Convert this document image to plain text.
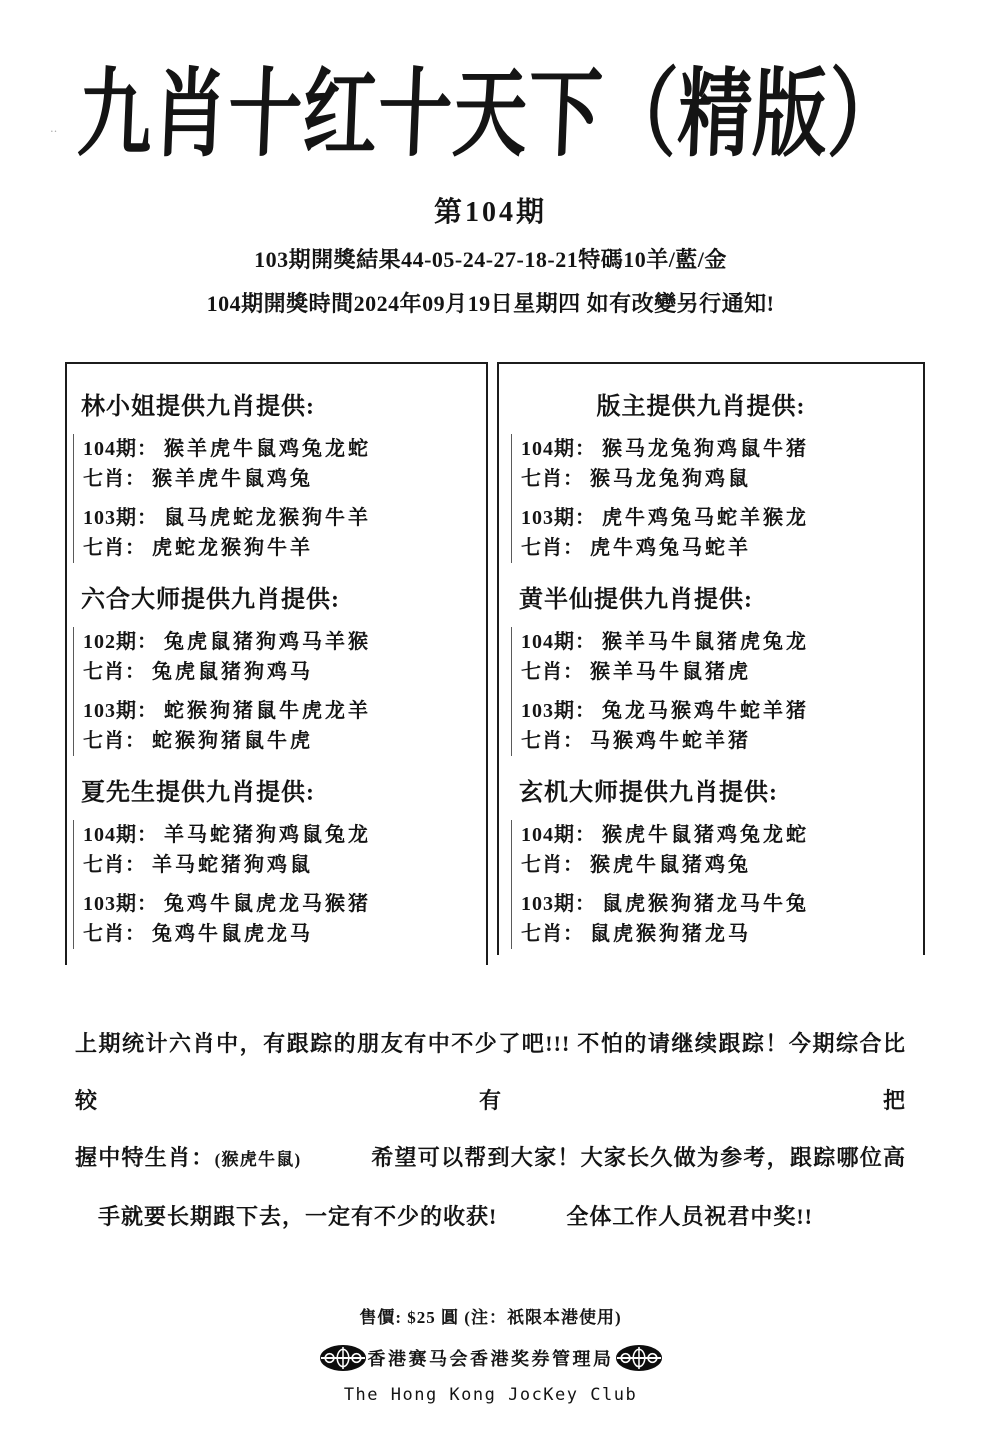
‥ 九肖十红十天下（精版）
第104期
103期開獎結果44-05-24-27-18-21特碼10羊/藍/金
104期開獎時間2024年09月19日星期四 如有改變另行通知!
林小姐提供九肖提供:
104期： 猴羊虎牛鼠鸡兔龙蛇
七肖： 猴羊虎牛鼠鸡兔
103期： 鼠马虎蛇龙猴狗牛羊
七肖： 虎蛇龙猴狗牛羊
六合大师提供九肖提供:
102期： 兔虎鼠猪狗鸡马羊猴
七肖： 兔虎鼠猪狗鸡马
103期： 蛇猴狗猪鼠牛虎龙羊
七肖： 蛇猴狗猪鼠牛虎
夏先生提供九肖提供:
104期： 羊马蛇猪狗鸡鼠兔龙
七肖： 羊马蛇猪狗鸡鼠
103期： 兔鸡牛鼠虎龙马猴猪
七肖： 兔鸡牛鼠虎龙马
版主提供九肖提供:
104期： 猴马龙兔狗鸡鼠牛猪
七肖： 猴马龙兔狗鸡鼠
103期： 虎牛鸡兔马蛇羊猴龙
七肖： 虎牛鸡兔马蛇羊
黄半仙提供九肖提供:
104期： 猴羊马牛鼠猪虎兔龙
七肖： 猴羊马牛鼠猪虎
103期： 兔龙马猴鸡牛蛇羊猪
七肖： 马猴鸡牛蛇羊猪
玄机大师提供九肖提供:
104期： 猴虎牛鼠猪鸡兔龙蛇
七肖： 猴虎牛鼠猪鸡兔
103期： 鼠虎猴狗猪龙马牛兔
七肖： 鼠虎猴狗猪龙马
上期统计六肖中，有跟踪的朋友有中不少了吧!!! 不怕的请继续跟踪！今期综合比较有把
握中特生肖：(猴虎牛鼠)　　　希望可以帮到大家！大家长久做为参考，跟踪哪位高
　手就要长期跟下去，一定有不少的收获!　　　全体工作人员祝君中奖!!
售價: $25 圓 (注：祇限本港使用)
香港赛马会香港奖券管理局
The Hong Kong JocKey Club
